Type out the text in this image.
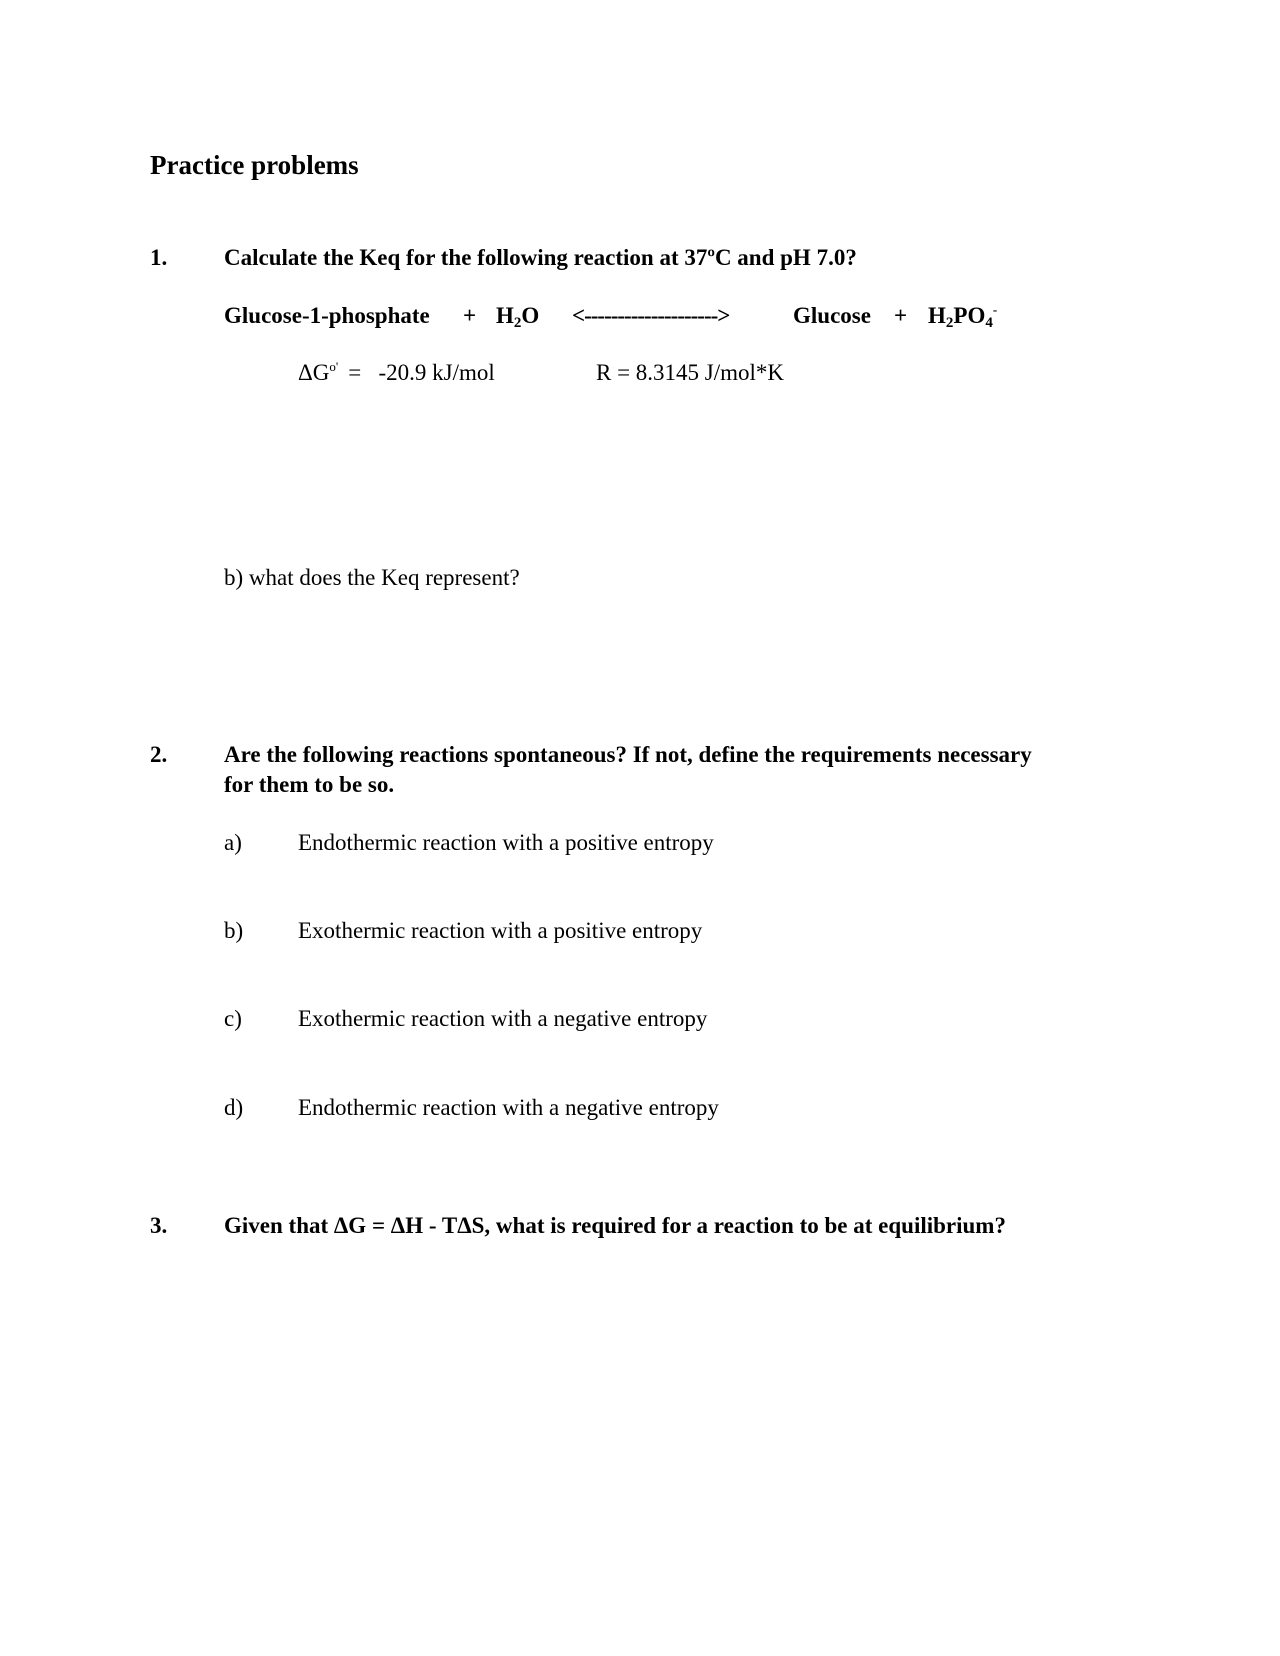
Practice problems
1. Calculate the Keq for the following reaction at 37ºC and pH 7.0?
Glucose-1-phosphate + $H_2O$ <-------------------->	$Glucose + H_2PO_4^-$
$\Delta G^{o'} = -20.9$ kJ/mol	R = 8.3145 J/mol*K
b) what does the Keq represent?
2. Are the following reactions spontaneous? If not, define the requirements necessary
for them to be so.
a) Endothermic reaction with a positive entropy
b) Exothermic reaction with a positive entropy
c) Exothermic reaction with a negative entropy
d) Endothermic reaction with a negative entropy
3. Given that ΔG = ΔH - TΔS, what is required for a reaction to be at equilibrium?
